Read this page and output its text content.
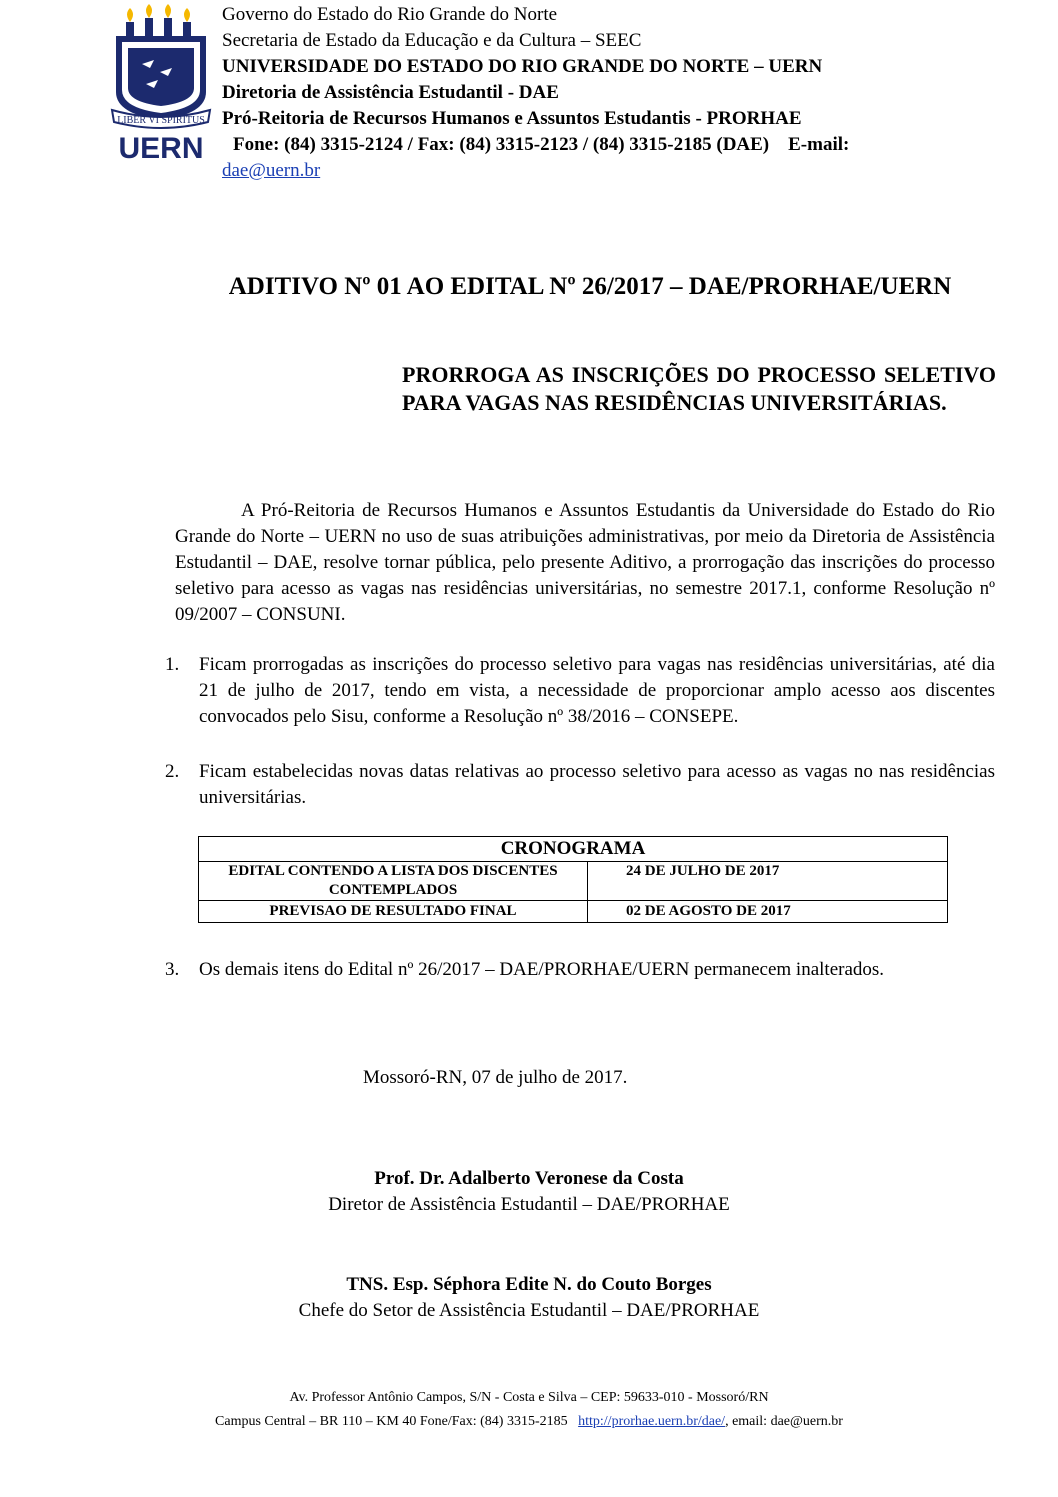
LIBER VI SPIRITUS
UERN
Governo do Estado do Rio Grande do Norte
Secretaria de Estado da Educação e da Cultura – SEEC
UNIVERSIDADE DO ESTADO DO RIO GRANDE DO NORTE – UERN
Diretoria de Assistência Estudantil - DAE
Pró-Reitoria de Recursos Humanos e Assuntos Estudantis - PRORHAE
Fone: (84) 3315-2124 / Fax: (84) 3315-2123 / (84) 3315-2185 (DAE)    E-mail:
dae@uern.br
ADITIVO Nº 01 AO EDITAL Nº 26/2017 – DAE/PRORHAE/UERN
PRORROGA AS INSCRIÇÕES DO PROCESSO SELETIVO PARA VAGAS NAS RESIDÊNCIAS UNIVERSITÁRIAS.
A Pró-Reitoria de Recursos Humanos e Assuntos Estudantis da Universidade do Estado do Rio Grande do Norte – UERN no uso de suas atribuições administrativas, por meio da Diretoria de Assistência Estudantil – DAE, resolve tornar pública, pelo presente Aditivo, a prorrogação das inscrições do processo seletivo para acesso as vagas nas residências universitárias, no semestre 2017.1, conforme Resolução nº 09/2007 – CONSUNI.
1. Ficam prorrogadas as inscrições do processo seletivo para vagas nas residências universitárias, até dia 21 de julho de 2017, tendo em vista, a necessidade de proporcionar amplo acesso aos discentes convocados pelo Sisu, conforme a Resolução nº 38/2016 – CONSEPE.
2. Ficam estabelecidas novas datas relativas ao processo seletivo para acesso as vagas no nas residências universitárias.
CRONOGRAMA	
EDITAL CONTENDO A LISTA DOS DISCENTES CONTEMPLADOS	24 DE JULHO DE 2017
PREVISAO DE RESULTADO FINAL	02 DE AGOSTO DE 2017
3. Os demais itens do Edital nº 26/2017 – DAE/PRORHAE/UERN permanecem inalterados.
Mossoró-RN, 07 de julho de 2017.
Prof. Dr. Adalberto Veronese da Costa
Diretor de Assistência Estudantil – DAE/PRORHAE
TNS. Esp. Séphora Edite N. do Couto Borges
Chefe do Setor de Assistência Estudantil – DAE/PRORHAE
Av. Professor Antônio Campos, S/N - Costa e Silva – CEP: 59633-010 - Mossoró/RN
Campus Central – BR 110 – KM 40 Fone/Fax: (84) 3315-2185 http://prorhae.uern.br/dae/, email: dae@uern.br
